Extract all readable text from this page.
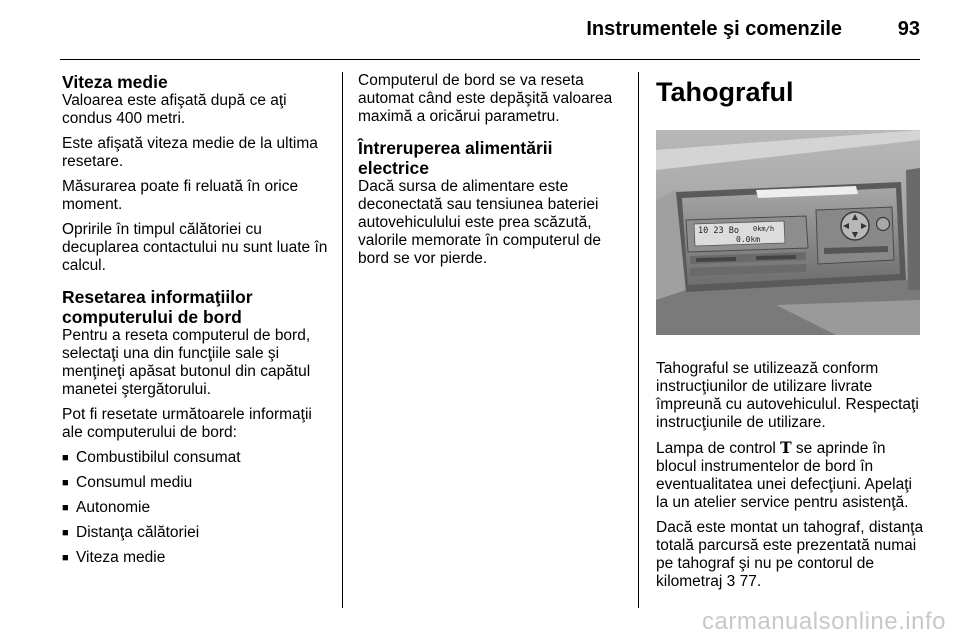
Instrumentele şi comenzile	93
Viteza medie

Valoarea este afişată după ce aţi condus 400 metri.

Este afişată viteza medie de la ultima resetare.

Măsurarea poate fi reluată în orice moment.

Opririle în timpul călătoriei cu decuplarea contactului nu sunt luate în calcul.

Resetarea informaţiilor computerului de bord

Pentru a reseta computerul de bord, selectaţi una din funcţiile sale şi menţineţi apăsat butonul din capătul manetei ştergătorului.

Pot fi resetate următoarele informaţii ale computerului de bord:

■ Combustibilul consumat
■ Consumul mediu
■ Autonomie
■ Distanţa călătoriei
■ Viteza medie

Computerul de bord se va reseta automat când este depăşită valoarea maximă a oricărui parametru.

Întreruperea alimentării electrice

Dacă sursa de alimentare este deconectată sau tensiunea bateriei autovehiculului este prea scăzută, valorile memorate în computerul de bord se vor pierde.

Tahograful
10 23 Bo 0km/h
0.0km

Tahograful se utilizează conform instrucţiunilor de utilizare livrate împreună cu autovehiculul. Respectaţi instrucţiunile de utilizare.

Lampa de control T se aprinde în blocul instrumentelor de bord în eventualitatea unei defecţiuni. Apelaţi la un atelier service pentru asistenţă.

Dacă este montat un tahograf, distanţa totală parcursă este prezentată numai pe tahograf şi nu pe contorul de kilometraj 3 77.

carmanualsonline.info
